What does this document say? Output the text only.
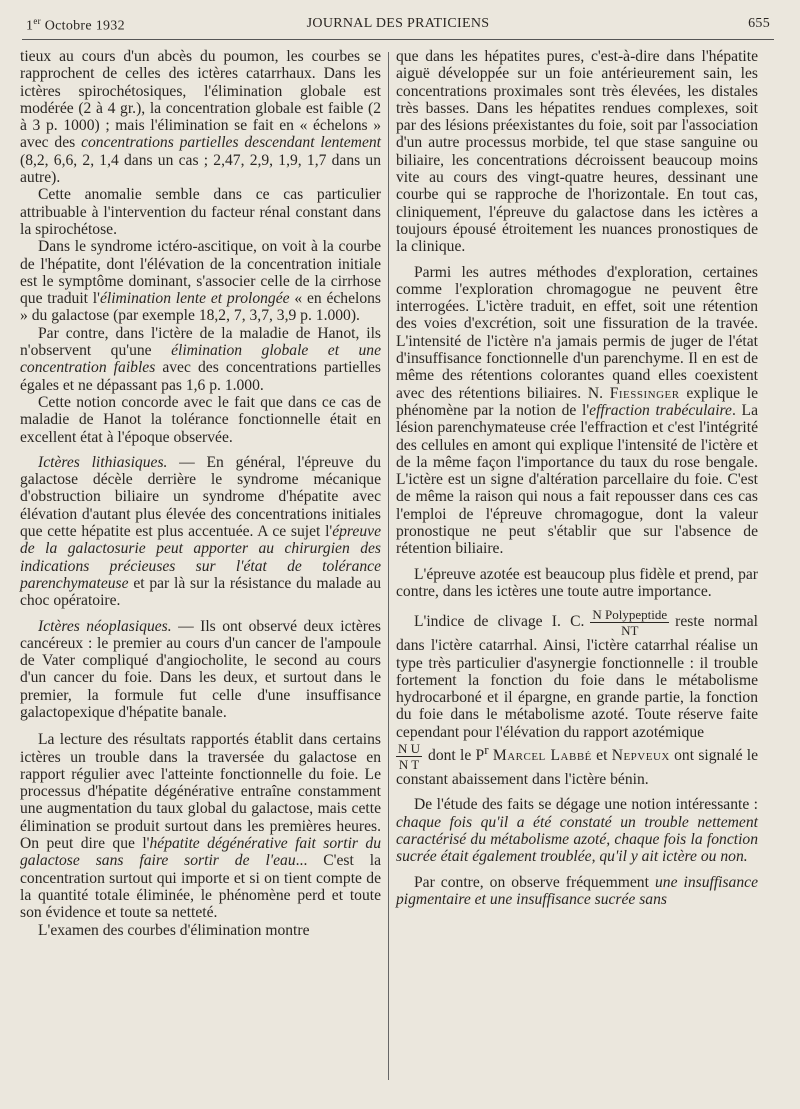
1er Octobre 1932	JOURNAL DES PRATICIENS	655

tieux au cours d'un abcès du poumon, les courbes se rapprochent de celles des ictères catarrhaux. Dans les ictères spirochétosiques, l'élimination globale est modérée (2 à 4 gr.), la concentration globale est faible (2 à 3 p. 1000) ; mais l'élimination se fait en « échelons » avec des concentrations partielles descendant lentement (8,2, 6,6, 2, 1,4 dans un cas ; 2,47, 2,9, 1,9, 1,7 dans un autre).

Cette anomalie semble dans ce cas particulier attribuable à l'intervention du facteur rénal constant dans la spirochétose.

Dans le syndrome ictéro-ascitique, on voit à la courbe de l'hépatite, dont l'élévation de la concentration initiale est le symptôme dominant, s'associer celle de la cirrhose que traduit l'élimination lente et prolongée « en échelons » du galactose (par exemple 18,2, 7, 3,7, 3,9 p. 1.000).

Par contre, dans l'ictère de la maladie de Hanot, ils n'observent qu'une élimination globale et une concentration faibles avec des concentrations partielles égales et ne dépassant pas 1,6 p. 1.000.

Cette notion concorde avec le fait que dans ce cas de maladie de Hanot la tolérance fonctionnelle était en excellent état à l'époque observée.

Ictères lithiasiques. — En général, l'épreuve du galactose décèle derrière le syndrome mécanique d'obstruction biliaire un syndrome d'hépatite avec élévation d'autant plus élevée des concentrations initiales que cette hépatite est plus accentuée. A ce sujet l'épreuve de la galactosurie peut apporter au chirurgien des indications précieuses sur l'état de tolérance parenchymateuse et par là sur la résistance du malade au choc opératoire.

Ictères néoplasiques. — Ils ont observé deux ictères cancéreux : le premier au cours d'un cancer de l'ampoule de Vater compliqué d'angiocholite, le second au cours d'un cancer du foie. Dans les deux, et surtout dans le premier, la formule fut celle d'une insuffisance galactopexique d'hépatite banale.

La lecture des résultats rapportés établit dans certains ictères un trouble dans la traversée du galactose en rapport régulier avec l'atteinte fonctionnelle du foie. Le processus d'hépatite dégénérative entraîne constamment une augmentation du taux global du galactose, mais cette élimination se produit surtout dans les premières heures. On peut dire que l'hépatite dégénérative fait sortir du galactose sans faire sortir de l'eau... C'est la concentration surtout qui importe et si on tient compte de la quantité totale éliminée, le phénomène perd et toute son évidence et toute sa netteté.

L'examen des courbes d'élimination montre

que dans les hépatites pures, c'est-à-dire dans l'hépatite aiguë développée sur un foie antérieurement sain, les concentrations proximales sont très élevées, les distales très basses. Dans les hépatites rendues complexes, soit par des lésions préexistantes du foie, soit par l'association d'un autre processus morbide, tel que stase sanguine ou biliaire, les concentrations décroissent beaucoup moins vite au cours des vingt-quatre heures, dessinant une courbe qui se rapproche de l'horizontale. En tout cas, cliniquement, l'épreuve du galactose dans les ictères a toujours épousé étroitement les nuances pronostiques de la clinique.

Parmi les autres méthodes d'exploration, certaines comme l'exploration chromagogue ne peuvent être interrogées. L'ictère traduit, en effet, soit une rétention des voies d'excrétion, soit une fissuration de la travée. L'intensité de l'ictère n'a jamais permis de juger de l'état d'insuffisance fonctionnelle d'un parenchyme. Il en est de même des rétentions colorantes quand elles coexistent avec des rétentions biliaires. N. Fiessinger explique le phénomène par la notion de l'effraction trabéculaire. La lésion parenchymateuse crée l'effraction et c'est l'intégrité des cellules en amont qui explique l'intensité de l'ictère et de la même façon l'importance du taux du rose bengale. L'ictère est un signe d'altération parcellaire du foie. C'est de même la raison qui nous a fait repousser dans ces cas l'emploi de l'épreuve chromagogue, dont la valeur pronostique ne peut s'établir que sur l'absence de rétention biliaire.

L'épreuve azotée est beaucoup plus fidèle et prend, par contre, dans les ictères une toute autre importance.

L'indice de clivage I. C. $\frac{\text{N Polypeptide}}{NT}$ reste normal dans l'ictère catarrhal. Ainsi, l'ictère catarrhal réalise un type très particulier d'asynergie fonctionnelle : il trouble fortement la fonction du foie dans le métabolisme hydrocarboné et il épargne, en grande partie, la fonction du foie dans le métabolisme azoté. Toute réserve faite cependant pour l'élévation du rapport azotémique

$\frac{\text{N U}}{\text{N T}}$ dont le $P^r$ Marcel Labbé et Nepveux ont signalé le constant abaissement dans l'ictère bénin.

De l'étude des faits se dégage une notion intéressante : chaque fois qu'il a été constaté un trouble nettement caractérisé du métabolisme azoté, chaque fois la fonction sucrée était également troublée, qu'il y ait ictère ou non.

Par contre, on observe fréquemment une insuffisance pigmentaire et une insuffisance sucrée sans
